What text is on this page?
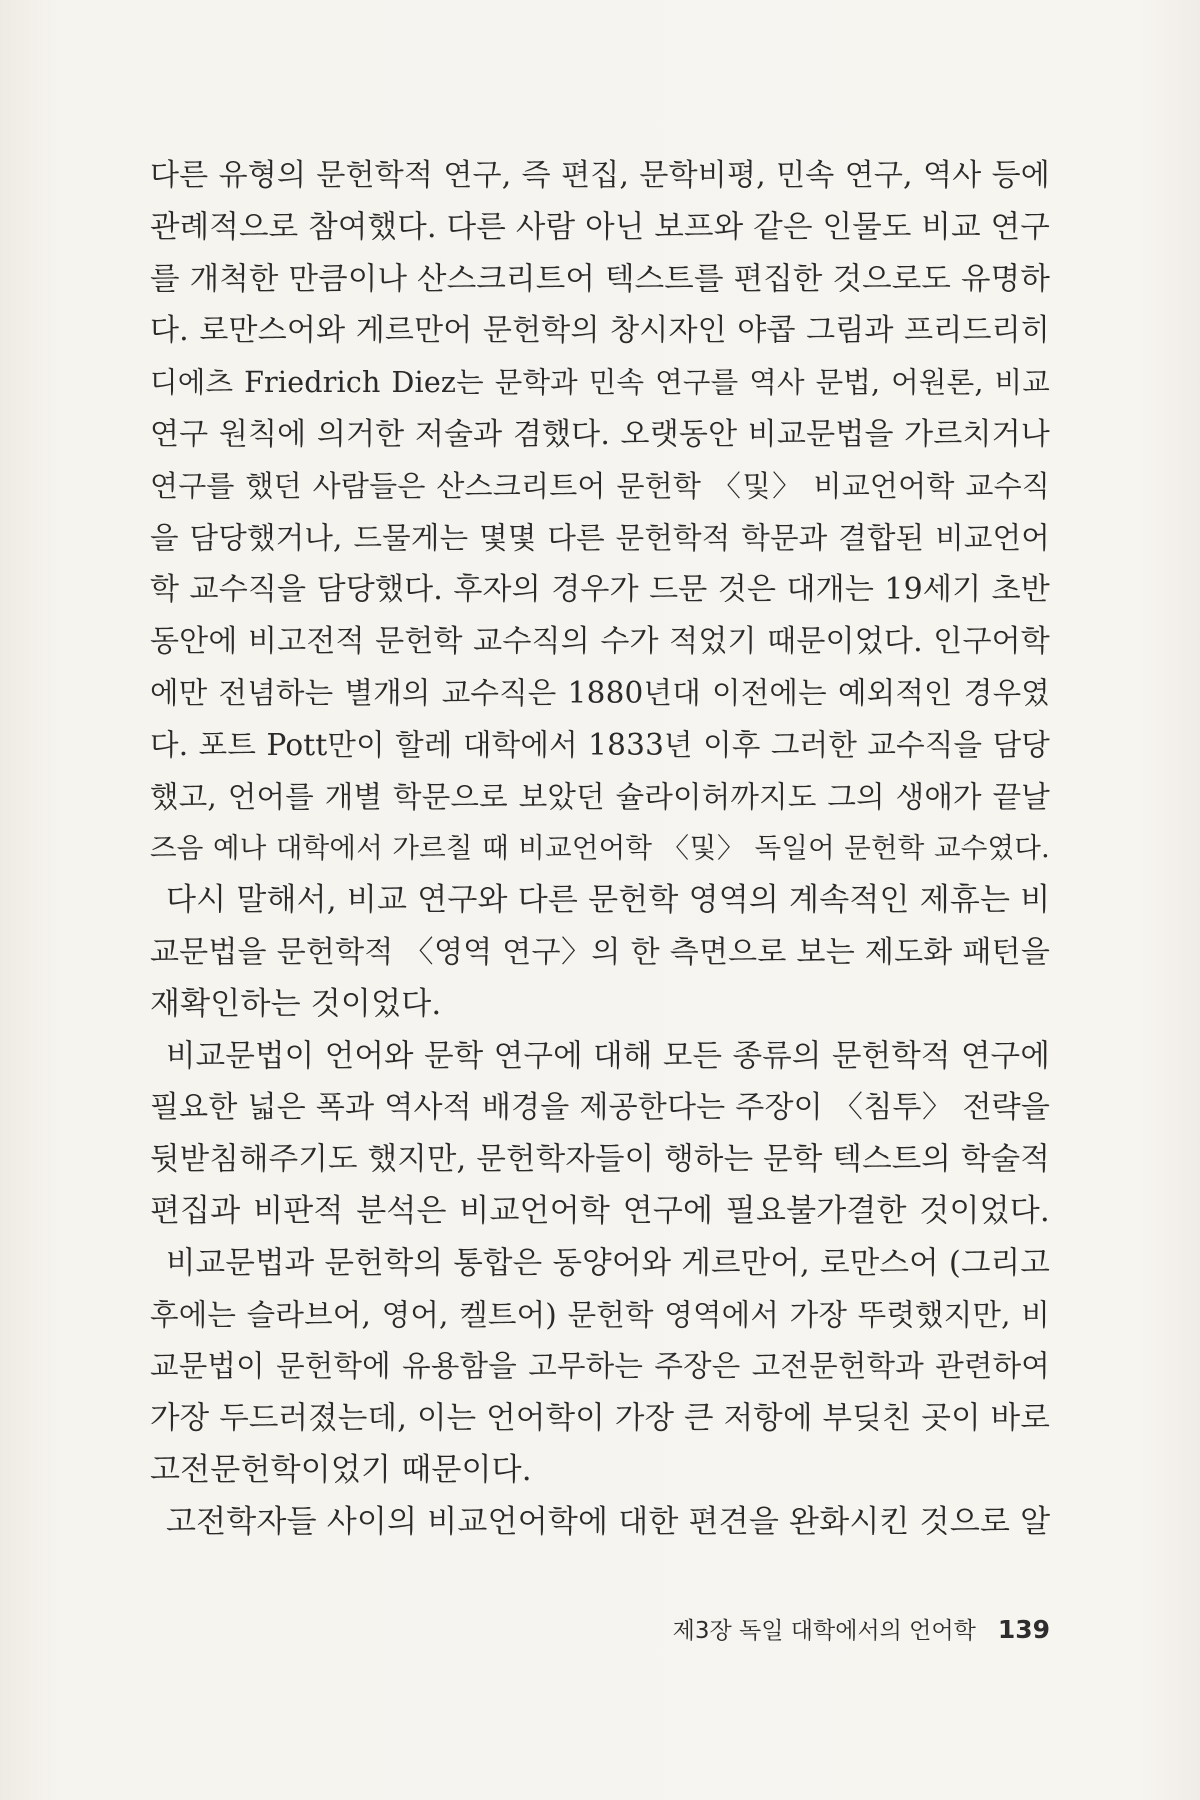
다른 유형의 문헌학적 연구, 즉 편집, 문학비평, 민속 연구, 역사 등에
관례적으로 참여했다. 다른 사람 아닌 보프와 같은 인물도 비교 연구
를 개척한 만큼이나 산스크리트어 텍스트를 편집한 것으로도 유명하
다. 로만스어와 게르만어 문헌학의 창시자인 야콥 그림과 프리드리히
디에츠 Friedrich Diez는 문학과 민속 연구를 역사 문법, 어원론, 비교
연구 원칙에 의거한 저술과 겸했다. 오랫동안 비교문법을 가르치거나
연구를 했던 사람들은 산스크리트어 문헌학 〈및〉 비교언어학 교수직
을 담당했거나, 드물게는 몇몇 다른 문헌학적 학문과 결합된 비교언어
학 교수직을 담당했다. 후자의 경우가 드문 것은 대개는 19세기 초반
동안에 비고전적 문헌학 교수직의 수가 적었기 때문이었다. 인구어학
에만 전념하는 별개의 교수직은 1880년대 이전에는 예외적인 경우였
다. 포트 Pott만이 할레 대학에서 1833년 이후 그러한 교수직을 담당
했고, 언어를 개별 학문으로 보았던 슐라이허까지도 그의 생애가 끝날
즈음 예나 대학에서 가르칠 때 비교언어학 〈및〉 독일어 문헌학 교수였다.
다시 말해서, 비교 연구와 다른 문헌학 영역의 계속적인 제휴는 비
교문법을 문헌학적 〈영역 연구〉의 한 측면으로 보는 제도화 패턴을
재확인하는 것이었다.
비교문법이 언어와 문학 연구에 대해 모든 종류의 문헌학적 연구에
필요한 넓은 폭과 역사적 배경을 제공한다는 주장이 〈침투〉 전략을
뒷받침해주기도 했지만, 문헌학자들이 행하는 문학 텍스트의 학술적
편집과 비판적 분석은 비교언어학 연구에 필요불가결한 것이었다.
비교문법과 문헌학의 통합은 동양어와 게르만어, 로만스어 (그리고
후에는 슬라브어, 영어, 켈트어) 문헌학 영역에서 가장 뚜렷했지만, 비
교문법이 문헌학에 유용함을 고무하는 주장은 고전문헌학과 관련하여
가장 두드러졌는데, 이는 언어학이 가장 큰 저항에 부딪친 곳이 바로
고전문헌학이었기 때문이다.
고전학자들 사이의 비교언어학에 대한 편견을 완화시킨 것으로 알
제3장 독일 대학에서의 언어학 139
